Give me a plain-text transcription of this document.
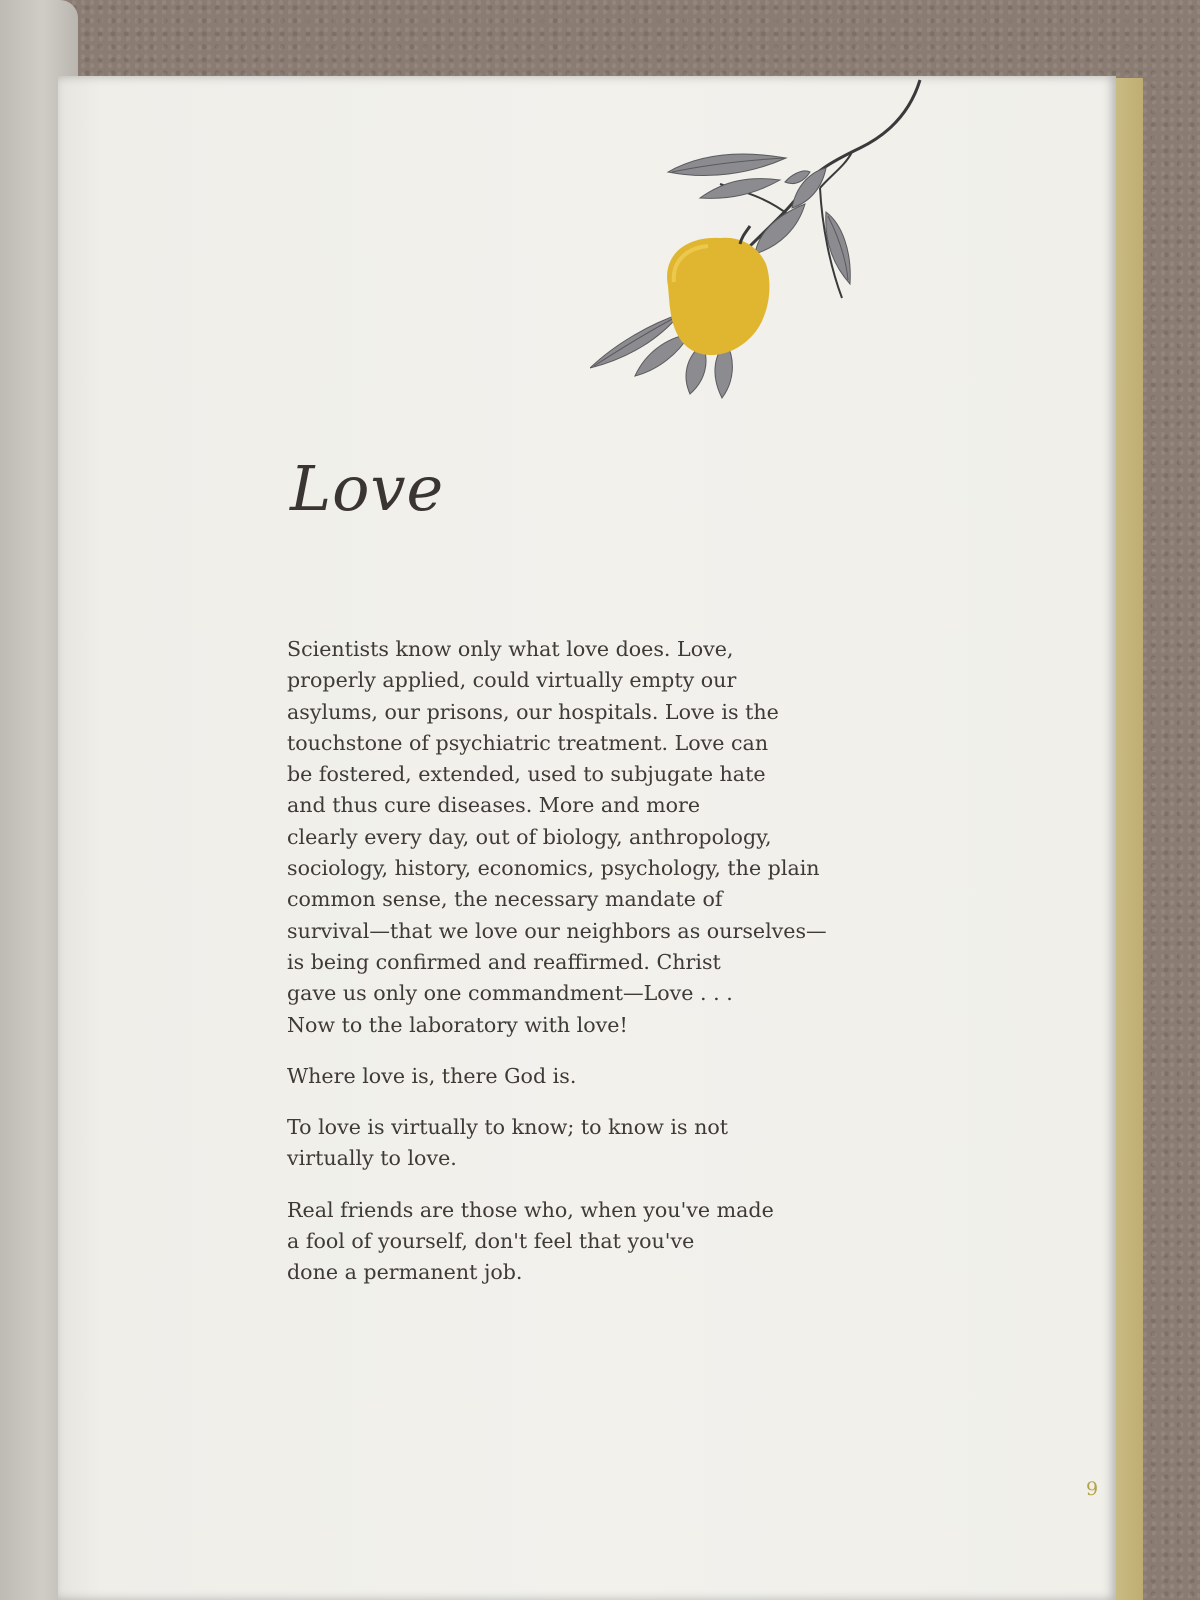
Love

Scientists know only what love does. Love,
properly applied, could virtually empty our
asylums, our prisons, our hospitals. Love is the
touchstone of psychiatric treatment. Love can
be fostered, extended, used to subjugate hate
and thus cure diseases. More and more
clearly every day, out of biology, anthropology,
sociology, history, economics, psychology, the plain
common sense, the necessary mandate of
survival—that we love our neighbors as ourselves—
is being confirmed and reaffirmed. Christ
gave us only one commandment—Love . . .
Now to the laboratory with love!

Where love is, there God is.

To love is virtually to know; to know is not
virtually to love.

Real friends are those who, when you've made
a fool of yourself, don't feel that you've
done a permanent job.

9
